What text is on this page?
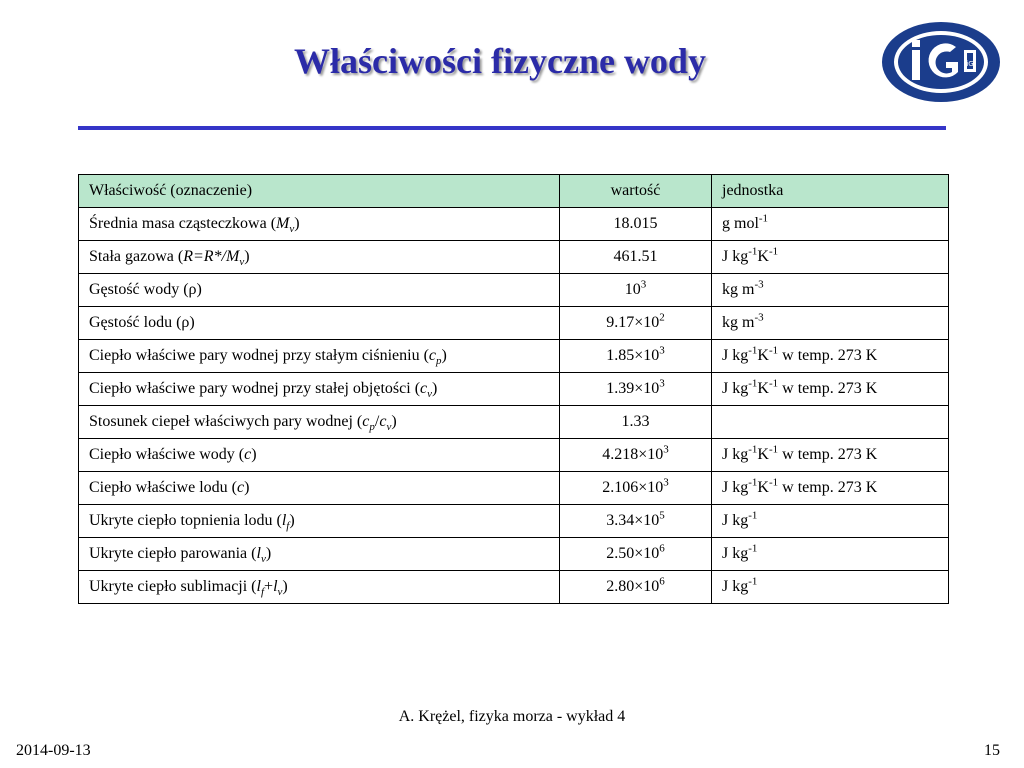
Właściwości fizyczne wody	iG
Właściwość (oznaczenie)	wartość	jednostka
Średnia masa cząsteczkowa $(M_v)$	18.015	g mol$^{-1}$
Stała gazowa $(R=R*/M_v)$	461.51	J $kg^{-1}K^{-1}$
Gęstość wody (ρ)	$10^3$	kg $m^{-3}$
Gęstość lodu (ρ)	$9.17\times 10^2$	kg $m^{-3}$
Ciepło właściwe pary wodnej przy stałym ciśnieniu $(c_p)$	$1.85\times 10^3$	J $kg^{-1}K^{-1}$ w temp. 273 K
Ciepło właściwe pary wodnej przy stałej objętości $(c_v)$	$1.39\times 10^3$	J $kg^{-1}K^{-1}$ w temp. 273 K
Stosunek ciepeł właściwych pary wodnej $(c_p/c_v)$	1.33	
Ciepło właściwe wody (c)	$4.218\times 10^3$	J $kg^{-1}K^{-1}$ w temp. 273 K
Ciepło właściwe lodu (c)	$2.106\times 10^3$	J $kg^{-1}K^{-1}$ w temp. 273 K
Ukryte ciepło topnienia lodu $(l_f)$	$3.34\times 10^5$	J $kg^{-1}$
Ukryte ciepło parowania $(l_v)$	$2.50\times 10^6$	J $kg^{-1}$
Ukryte ciepło sublimacji $(l_f+l_v)$	$2.80\times 10^6$	J $kg^{-1}$
A. Krężel, fizyka morza - wykład 4
2014-09-13	15
